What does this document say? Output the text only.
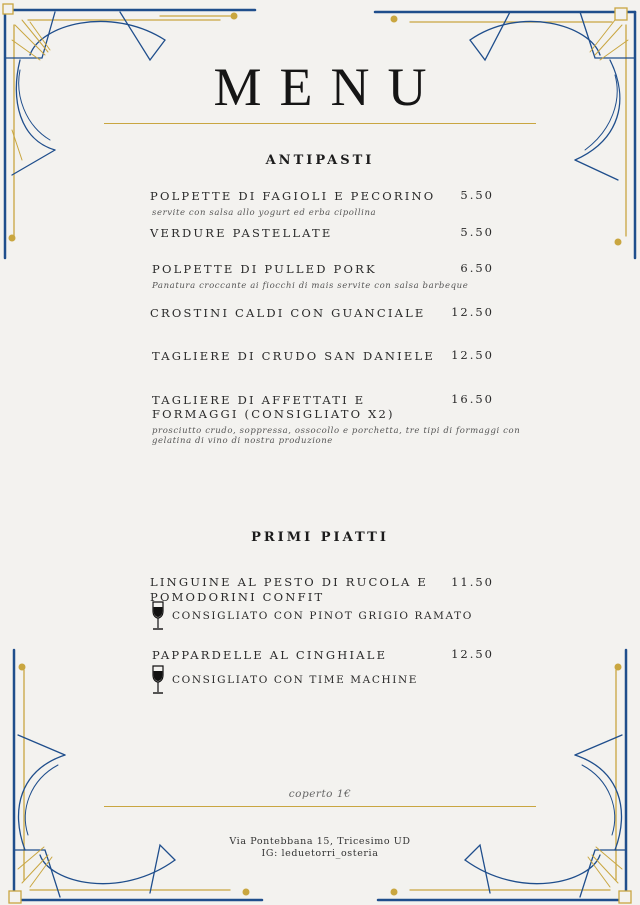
MENU
ANTIPASTI
POLPETTE DI FAGIOLI E PECORINO	5.50
servite con salsa allo yogurt ed erba cipollina
VERDURE PASTELLATE	5.50
POLPETTE DI PULLED PORK	6.50
Panatura croccante ai fiocchi di mais servite con salsa barbeque
CROSTINI CALDI CON GUANCIALE	12.50
TAGLIERE DI CRUDO SAN DANIELE	12.50
TAGLIERE DI AFFETTATI E
FORMAGGI (CONSIGLIATO X2)
16.50
prosciutto crudo, soppressa, ossocollo e porchetta, tre tipi di formaggi con
gelatina di vino di nostra produzione
PRIMI PIATTI
LINGUINE AL PESTO DI RUCOLA E
POMODORINI CONFIT
11.50
CONSIGLIATO CON PINOT GRIGIO RAMATO
PAPPARDELLE AL CINGHIALE	12.50
CONSIGLIATO CON TIME MACHINE
coperto 1€
Via Pontebbana 15, Tricesimo UD
IG: leduetorri_osteria
